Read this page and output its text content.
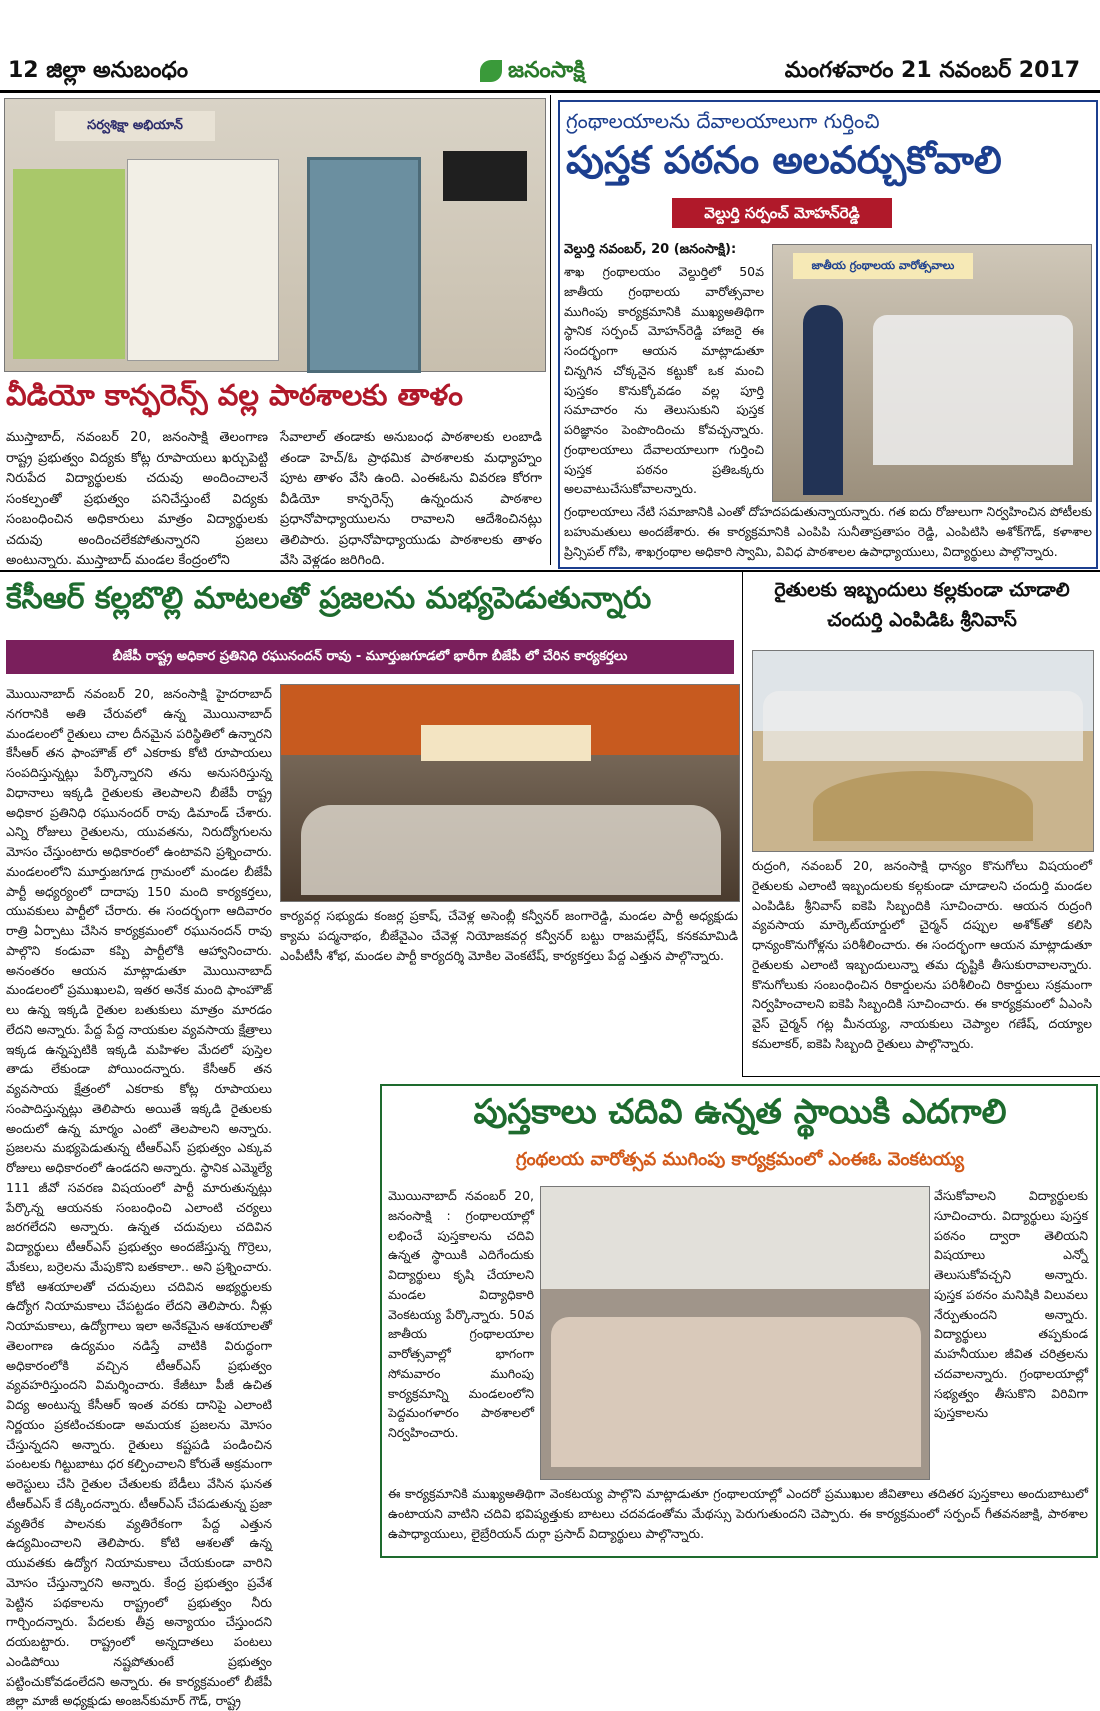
12 జిల్లా అనుబంధం	జనంసాక్షి	మంగళవారం 21 నవంబర్ 2017
సర్వశిక్షా అభియాన్
వీడియో కాన్ఫరెన్స్ వల్ల పాఠశాలకు తాళం
ముస్తాబాద్, నవంబర్ 20, జనంసాక్షి తెలంగాణ రాష్ట్ర ప్రభుత్వం విద్యకు కోట్ల రూపాయలు ఖర్చుపెట్టి నిరుపేద విద్యార్థులకు చదువు అందించాలనే సంకల్పంతో ప్రభుత్వం పనిచేస్తుంటే విద్యకు సంబంధించిన అధికారులు మాత్రం విద్యార్థులకు చదువు అందించలేకపోతున్నారని ప్రజలు అంటున్నారు. ముస్తాబాద్ మండల కేంద్రంలోని
సేవాలాల్ తండాకు అనుబంధ పాఠశాలకు లంబాడి తండా హెచ్/ఓ ప్రాథమిక పాఠశాలకు మధ్యాహ్నం పూట తాళం వేసి ఉంది. ఎంఈఓను వివరణ కోరగా వీడియో కాన్ఫరెన్స్ ఉన్నందున పాఠశాల ప్రధానోపాధ్యాయులను రావాలని ఆదేశించినట్లు తెలిపారు. ప్రధానోపాధ్యాయుడు పాఠశాలకు తాళం వేసి వెళ్లడం జరిగింది.
గ్రంథాలయాలను దేవాలయాలుగా గుర్తించి
పుస్తక పఠనం అలవర్చుకోవాలి
వెల్దుర్తి సర్పంచ్ మోహన్‌రెడ్డి
వెల్దుర్తి నవంబర్, 20 (జనంసాక్షి):
శాఖ గ్రంథాలయం వెల్దుర్తిలో 50వ జాతీయ గ్రంథాలయ వారోత్సవాల ముగింపు కార్యక్రమానికి ముఖ్యఅతిథిగా స్థానిక సర్పంచ్ మోహన్‌రెడ్డి హాజరై ఈ సందర్భంగా ఆయన మాట్లాడుతూ చిన్నగిన చోక్కనైన కట్టుకో ఒక మంచి పుస్తకం కొనుక్కోవడం వల్ల పూర్తి సమాచారం ను తెలుసుకుని పుస్తక పరిజ్ఞానం పెంపొందించు కోవచ్చన్నారు. గ్రంథాలయాలు దేవాలయాలుగా గుర్తించి పుస్తక పఠనం ప్రతిఒక్కరు అలవాటుచేసుకోవాలన్నారు.
జాతీయ గ్రంథాలయ వారోత్సవాలు
గ్రంథాలయాలు నేటి సమాజానికి ఎంతో దోహదపడుతున్నాయన్నారు. గత ఐదు రోజులుగా నిర్వహించిన పోటీలకు బహుమతులు అందజేశారు. ఈ కార్యక్రమానికి ఎంపిపి సునీతాప్రతాపం రెడ్డి, ఎంపిటిసి అశోక్‌గౌడ్, కళాశాల ప్రిన్సిపల్ గోపి, శాఖగ్రంథాల అధికారి స్వామి, వివిధ పాఠశాలల ఉపాధ్యాయులు, విద్యార్థులు పాల్గొన్నారు.
కేసీఆర్ కల్లబొల్లి మాటలతో ప్రజలను మభ్యపెడుతున్నారు
బీజేపీ రాష్ట్ర అధికార ప్రతినిధి రఘునందన్ రావు - మూర్తుజగూడలో భారీగా బీజేపీ లో చేరిన కార్యకర్తలు
మొయినాబాద్ నవంబర్ 20, జనంసాక్షి హైదరాబాద్ నగరానికి అతి చేరువలో ఉన్న మొయినాబాద్ మండలంలో రైతులు చాల దీనమైన పరిస్థితిలో ఉన్నారని కేసీఆర్ తన ఫాంహౌజ్ లో ఎకరాకు కోటి రూపాయలు సంపదిస్తున్నట్లు పేర్కొన్నారని తను అనుసరిస్తున్న విధానాలు ఇక్కడి రైతులకు తెలపాలని బీజేపీ రాష్ట్ర అధికార ప్రతినిధి రఘునందర్ రావు డిమాండ్ చేశారు. ఎన్ని రోజులు రైతులను, యువతను, నిరుద్యోగులను మోసం చేస్తుంటారు అధికారంలో ఉంటావని ప్రశ్నించారు. మండలంలోని మూర్తుజగూడ గ్రామంలో మండల బీజేపీ పార్టీ అధ్యర్యంలో దాదాపు 150 మంది కార్యకర్తలు, యువకులు పార్టీలో చేరారు. ఈ సందర్భంగా ఆదివారం రాత్రి ఏర్పాటు చేసిన కార్యక్రమంలో రఘునందన్ రావు పాల్గొని కండువా కప్పి పార్టీలోకి ఆహ్వానించారు. అనంతరం ఆయన మాట్లాడుతూ మొయినాబాద్ మండలంలో ప్రముఖులవి, ఇతర అనేక మంది ఫాంహౌజ్ లు ఉన్న ఇక్కడి రైతుల బతుకులు మాత్రం మారడం లేదని అన్నారు. పేద్ద పేద్ద నాయకుల వ్యవసాయ క్షేత్రాలు ఇక్కడ ఉన్నప్పటికి ఇక్కడి మహిళల మేదలో పుస్తెల తాడు లేకుండా పోయిందన్నారు. కేసీఆర్ తన వ్యవసాయ క్షేత్రంలో ఎకరాకు కోట్ల రూపాయలు సంపాదిస్తున్నట్లు తెలిపారు అయితే ఇక్కడి రైతులకు అందులో ఉన్న మార్మం ఎంటో తెలపాలని అన్నారు. ప్రజలను మభ్యపెడుతున్న టీఆర్ఎస్ ప్రభుత్వం ఎక్కువ రోజులు అధికారంలో ఉండదని అన్నారు. స్థానిక ఎమ్మెల్యే 111 జీవో సవరణ విషయంలో పార్టీ మారుతున్నట్లు పేర్కొన్న ఆయనకు సంబంధించి ఎలాంటి చర్యలు జరగలేదని అన్నారు. ఉన్నత చదువులు చదివిన విద్యార్థులు టీఆర్ఎస్ ప్రభుత్వం అందజేస్తున్న గొర్రెలు, మేకలు, బర్రెలను మేపుకొని బతకాలా.. అని ప్రశ్నించారు. కోటి ఆశయాలతో చదువులు చదివిన అభ్యర్థులకు ఉద్యోగ నియామకాలు చేపట్టడం లేదని తెలిపారు. నీళ్లు నియామకాలు, ఉద్యోగాలు ఇలా అనేకమైన ఆశయాలతో తెలంగాణ ఉద్యమం నడిస్తే వాటికి విరుద్ధంగా అధికారంలోకి వచ్చిన టీఆర్ఎస్ ప్రభుత్వం వ్యవహరిస్తుందని విమర్శించారు. కేజీటూ పీజీ ఉచిత విద్య అంటున్న కేసీఆర్ ఇంత వరకు దానిపై ఎలాంటి నిర్ణయం ప్రకటించకుండా అమయక ప్రజలను మోసం చేస్తున్నదని అన్నారు. రైతులు కష్టపడి పండించిన పంటలకు గిట్టుబాటు ధర కల్పించాలని కోరుతే అక్రమంగా అరెస్టులు చేసి రైతుల చేతులకు బేడీలు వేసిన ఘనత టీఆర్ఎస్ కే దక్కిందన్నారు. టీఆర్ఎస్ చేపడుతున్న ప్రజా వ్యతిరేక పాలనకు వ్యతిరేకంగా పేద్ద ఎత్తున ఉద్యమించాలని తెలిపారు. కోటి ఆశలతో ఉన్న యువతకు ఉద్యోగ నియామకాలు చేయకుండా వారిని మోసం చేస్తున్నారని అన్నారు. కేంద్ర ప్రభుత్వం ప్రవేశ పెట్టిన పథకాలను రాష్ట్రంలో ప్రభుత్వం నీరు గార్చిందన్నారు. పేదలకు తీవ్ర అన్యాయం చేస్తుందని దయబట్టారు. రాష్ట్రంలో అన్నదాతలు పంటలు ఎండిపోయి నష్టపోతుంటే ప్రభుత్వం పట్టించుకోవడంలేదని అన్నారు. ఈ కార్యక్రమంలో బీజేపీ జిల్లా మాజీ అధ్యక్షుడు అంజన్‌కుమార్ గౌడ్, రాష్ట్ర
కార్యవర్గ సభ్యుడు కంజర్ల ప్రకాష్, చేవెళ్ల అసెంబ్లీ కన్వీనర్ జంగారెడ్డి, మండల పార్టీ అధ్యక్షుడు క్యామ పద్మనాభం, బీజేవైఎం చేవెళ్ల నియోజకవర్గ కన్వీనర్ బట్టు రాజమల్లేష్, కనకమామిడి ఎంపీటీసీ శోభ, మండల పార్టీ కార్యదర్శి మోకిల వెంకటేష్, కార్యకర్తలు పేద్ద ఎత్తున పాల్గొన్నారు.
రైతులకు ఇబ్బందులు కల్లకుండా చూడాలి
చందుర్తి ఎంపిడిఓ శ్రీనివాస్
రుద్రంగి, నవంబర్ 20, జనంసాక్షి ధాన్యం కొనుగోలు విషయంలో రైతులకు ఎలాంటి ఇబ్బందులకు కల్గకుండా చూడాలని చందుర్తి మండల ఎంపిడిఓ శ్రీనివాస్ ఐకెపి సిబ్బందికి సూచించారు. ఆయన రుద్రంగి వ్యవసాయ మార్కెట్‌యార్డులో చైర్మన్ దప్పుల అశోక్‌తో కలిసి ధాన్యంకొనుగోళ్లను పరిశీలించారు. ఈ సందర్భంగా ఆయన మాట్లాడుతూ రైతులకు ఎలాంటి ఇబ్బందులున్నా తమ దృష్టికి తీసుకురావాలన్నారు. కొనుగోలుకు సంబంధించిన రికార్డులను పరిశీలించి రికార్డులు సక్రమంగా నిర్వహించాలని ఐకెపి సిబ్బందికి సూచించారు. ఈ కార్యక్రమంలో ఏఎంసి వైస్ చైర్మన్ గట్ల మీనయ్య, నాయకులు చెప్యాల గణేష్, దయ్యాల కమలాకర్, ఐకెపి సిబ్బంది రైతులు పాల్గొన్నారు.
పుస్తకాలు చదివి ఉన్నత స్థాయికి ఎదగాలి
గ్రంథలయ వారోత్సవ ముగింపు కార్యక్రమంలో ఎంఈఓ వెంకటయ్య
మొయినాబాద్ నవంబర్ 20, జనంసాక్షి : గ్రంథాలయాల్లో లభించే పుస్తకాలను చదివి ఉన్నత స్థాయికి ఎదిగేందుకు విద్యార్థులు కృషి చేయాలని మండల విద్యాధికారి వెంకటయ్య పేర్కొన్నారు. 50వ జాతీయ గ్రంథాలయాల వారోత్సవాల్లో భాగంగా సోమవారం ముగింపు కార్యక్రమాన్ని మండలంలోని పెద్దమంగళారం పాఠశాలలో నిర్వహించారు.
వేసుకోవాలని విద్యార్థులకు సూచించారు. విద్యార్థులు పుస్తక పఠనం ద్వారా తెలియని విషయాలు ఎన్నో తెలుసుకోవచ్చని అన్నారు. పుస్తక పఠనం మనిషికి విలువలు నేర్పుతుందని అన్నారు. విద్యార్థులు తప్పకుండ మహనీయుల జీవిత చరిత్రలను చదవాలన్నారు. గ్రంథాలయాల్లో సభ్యత్వం తీసుకొని విరివిగా పుస్తకాలను
ఈ కార్యక్రమానికి ముఖ్యఅతిథిగా వెంకటయ్య పాల్గొని మాట్లాడుతూ గ్రంథాలయాల్లో ఎందరో ప్రముఖుల జీవితాలు తదితర పుస్తకాలు అందుబాటులో ఉంటాయని వాటిని చదివి భవిష్యత్తుకు బాటలు చదవడంతోమ మేథస్సు పెరుగుతుందని చెప్పారు. ఈ కార్యక్రమంలో సర్పంచ్ గీతవనజాక్షి, పాఠశాల ఉపాధ్యాయులు, లైబ్రేరియన్ దుర్గా ప్రసాద్ విద్యార్థులు పాల్గొన్నారు.
